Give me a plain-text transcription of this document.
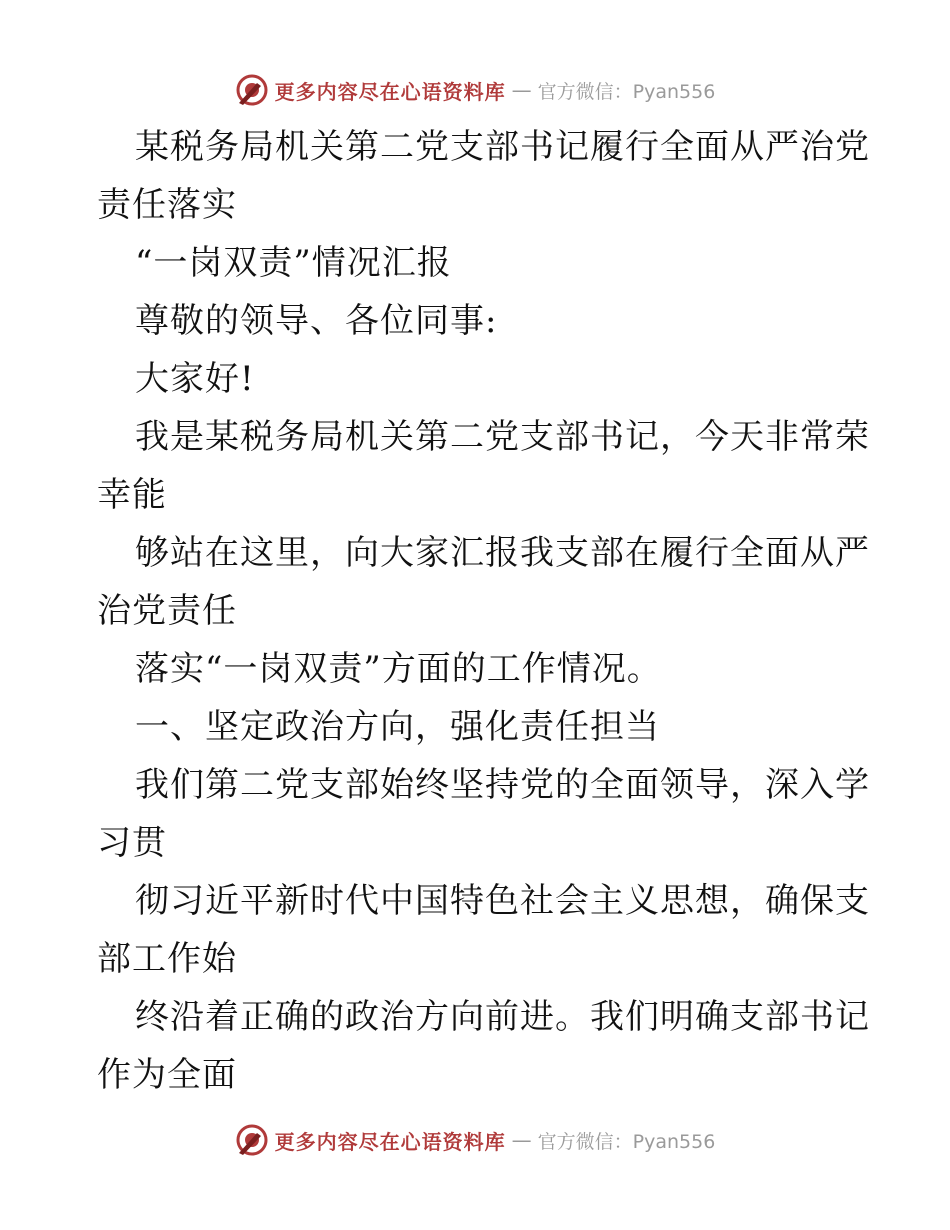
更多内容尽在心语资料库 — 官方微信：Pyan556
某税务局机关第二党支部书记履行全面从严治党
责任落实
“一岗双责”情况汇报
尊敬的领导、各位同事:
大家好!
我是某税务局机关第二党支部书记，今天非常荣
幸能
够站在这里，向大家汇报我支部在履行全面从严
治党责任
落实“一岗双责”方面的工作情况。
一、坚定政治方向，强化责任担当
我们第二党支部始终坚持党的全面领导，深入学
习贯
彻习近平新时代中国特色社会主义思想，确保支
部工作始
终沿着正确的政治方向前进。我们明确支部书记
作为全面
更多内容尽在心语资料库 — 官方微信：Pyan556
